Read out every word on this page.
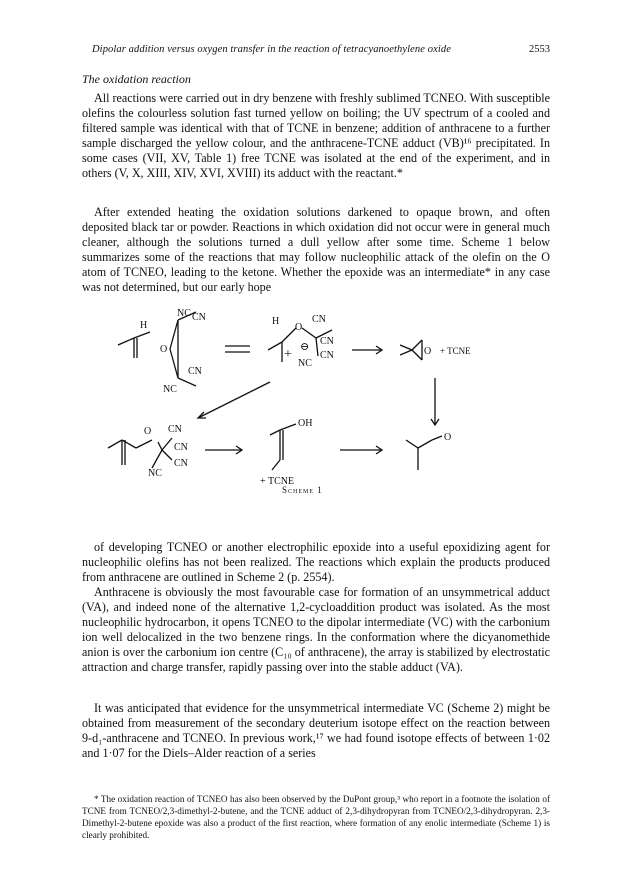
Dipolar addition versus oxygen transfer in the reaction of tetracyanoethylene oxide	2553
The oxidation reaction

All reactions were carried out in dry benzene with freshly sublimed TCNEO. With susceptible olefins the colourless solution fast turned yellow on boiling; the UV spectrum of a cooled and filtered sample was identical with that of TCNE in benzene; addition of anthracene to a further sample discharged the yellow colour, and the anthracene-TCNE adduct (VB)¹⁶ precipitated. In some cases (VII, XV, Table 1) free TCNE was isolated at the end of the experiment, and in others (V, X, XIII, XIV, XVI, XVIII) its adduct with the reactant.*

After extended heating the oxidation solutions darkened to opaque brown, and often deposited black tar or powder. Reactions in which oxidation did not occur were in general much cleaner, although the solutions turned a dull yellow after some time. Scheme 1 below summarizes some of the reactions that may follow nucleophilic attack of the olefin on the O atom of TCNEO, leading to the ketone. Whether the epoxide was an intermediate* in any case was not determined, but our early hope

H
NC CN
O
CN
NC
H
O
CN
CN
CN
NC
+ ⊖	O + TCNE
O CN
CN
CN
NC
OH
+ TCNE
O
Scheme 1

of developing TCNEO or another electrophilic epoxide into a useful epoxidizing agent for nucleophilic olefins has not been realized. The reactions which explain the products produced from anthracene are outlined in Scheme 2 (p. 2554).

Anthracene is obviously the most favourable case for formation of an unsymmetrical adduct (VA), and indeed none of the alternative 1,2-cycloaddition product was isolated. As the most nucleophilic hydrocarbon, it opens TCNEO to the dipolar intermediate (VC) with the carbonium ion well delocalized in the two benzene rings. In the conformation where the dicyanomethide anion is over the carbonium ion centre (C₁₀ of anthracene), the array is stabilized by electrostatic attraction and charge transfer, rapidly passing over into the stable adduct (VA).

It was anticipated that evidence for the unsymmetrical intermediate VC (Scheme 2) might be obtained from measurement of the secondary deuterium isotope effect on the reaction between 9-d₁-anthracene and TCNEO. In previous work,¹⁷ we had found isotope effects of between 1·02 and 1·07 for the Diels–Alder reaction of a series

* The oxidation reaction of TCNEO has also been observed by the DuPont group,³ who report in a footnote the isolation of TCNE from TCNEO/2,3-dimethyl-2-butene, and the TCNE adduct of 2,3-dihydropyran from TCNEO/2,3-dihydropyran. 2,3-Dimethyl-2-butene epoxide was also a product of the first reaction, where formation of any enolic intermediate (Scheme 1) is clearly prohibited.
